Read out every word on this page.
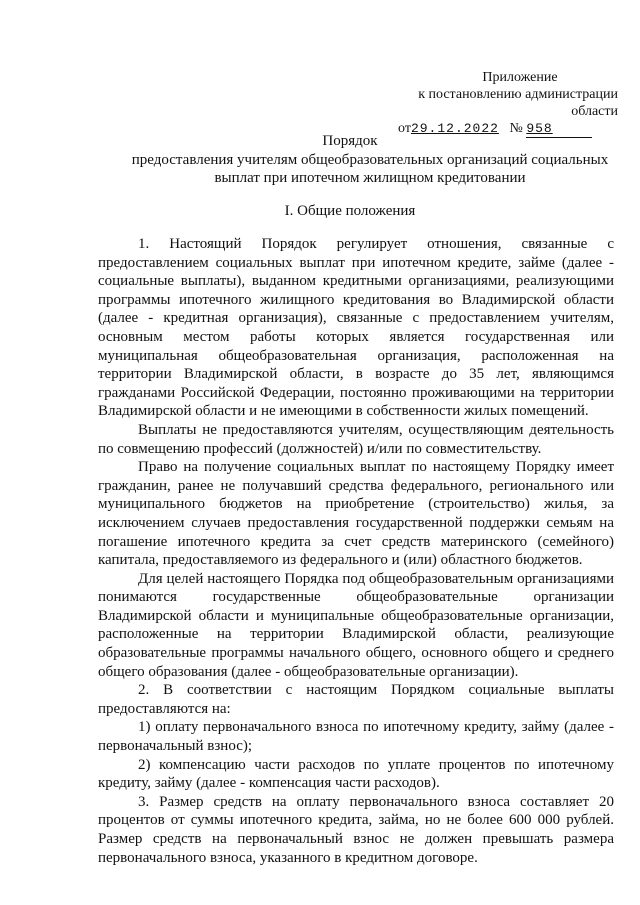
Приложение
к постановлению администрации области
от29.12.2022 № 958
Порядок
предоставления учителям общеобразовательных организаций социальных выплат при ипотечном жилищном кредитовании
I. Общие положения

1. Настоящий Порядок регулирует отношения, связанные с предоставлением социальных выплат при ипотечном кредите, займе (далее - социальные выплаты), выданном кредитными организациями, реализующими программы ипотечного жилищного кредитования во Владимирской области (далее - кредитная организация), связанные с предоставлением учителям, основным местом работы которых является государственная или муниципальная общеобразовательная организация, расположенная на территории Владимирской области, в возрасте до 35 лет, являющимся гражданами Российской Федерации, постоянно проживающими на территории Владимирской области и не имеющими в собственности жилых помещений.

Выплаты не предоставляются учителям, осуществляющим деятельность по совмещению профессий (должностей) и/или по совместительству.

Право на получение социальных выплат по настоящему Порядку имеет гражданин, ранее не получавший средства федерального, регионального или муниципального бюджетов на приобретение (строительство) жилья, за исключением случаев предоставления государственной поддержки семьям на погашение ипотечного кредита за счет средств материнского (семейного) капитала, предоставляемого из федерального и (или) областного бюджетов.

Для целей настоящего Порядка под общеобразовательным организациями понимаются государственные общеобразовательные организации Владимирской области и муниципальные общеобразовательные организации, расположенные на территории Владимирской области, реализующие образовательные программы начального общего, основного общего и среднего общего образования (далее - общеобразовательные организации).

2. В соответствии с настоящим Порядком социальные выплаты предоставляются на:

1) оплату первоначального взноса по ипотечному кредиту, займу (далее - первоначальный взнос);

2) компенсацию части расходов по уплате процентов по ипотечному кредиту, займу (далее - компенсация части расходов).

3. Размер средств на оплату первоначального взноса составляет 20 процентов от суммы ипотечного кредита, займа, но не более 600 000 рублей. Размер средств на первоначальный взнос не должен превышать размера первоначального взноса, указанного в кредитном договоре.
